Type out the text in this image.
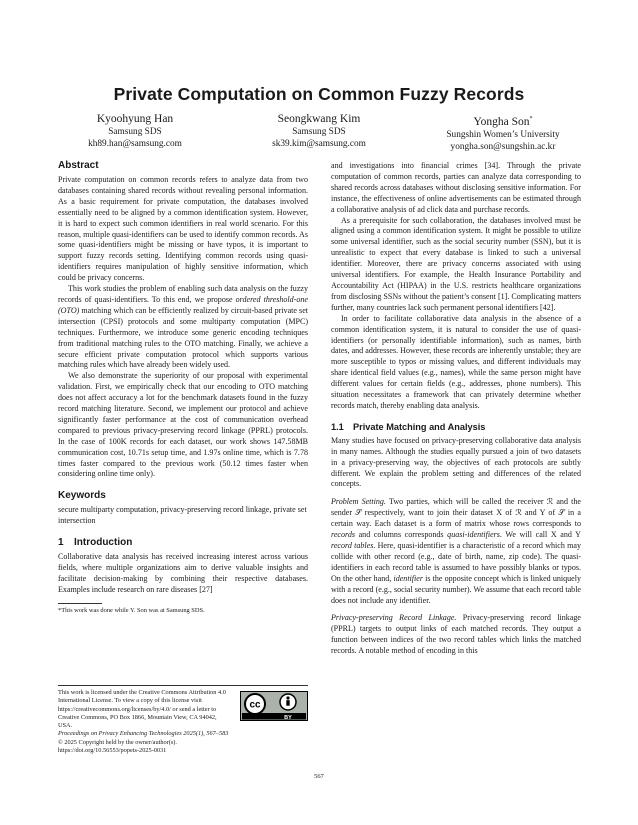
Private Computation on Common Fuzzy Records
Kyoohyung Han
Samsung SDS
kh89.han@samsung.com
Seongkwang Kim
Samsung SDS
sk39.kim@samsung.com
Yongha Son*
Sungshin Women’s University
yongha.son@sungshin.ac.kr
Abstract

Private computation on common records refers to analyze data from two databases containing shared records without revealing personal information. As a basic requirement for private computation, the databases involved essentially need to be aligned by a common identification system. However, it is hard to expect such common identifiers in real world scenario. For this reason, multiple quasi-identifiers can be used to identify common records. As some quasi-identifiers might be missing or have typos, it is important to support fuzzy records setting. Identifying common records using quasi-identifiers requires manipulation of highly sensitive information, which could be privacy concerns.

This work studies the problem of enabling such data analysis on the fuzzy records of quasi-identifiers. To this end, we propose ordered threshold-one (OTO) matching which can be efficiently realized by circuit-based private set intersection (CPSI) protocols and some multiparty computation (MPC) techniques. Furthermore, we introduce some generic encoding techniques from traditional matching rules to the OTO matching. Finally, we achieve a secure efficient private computation protocol which supports various matching rules which have already been widely used.

We also demonstrate the superiority of our proposal with experimental validation. First, we empirically check that our encoding to OTO matching does not affect accuracy a lot for the benchmark datasets found in the fuzzy record matching literature. Second, we implement our protocol and achieve significantly faster performance at the cost of communication overhead compared to previous privacy-preserving record linkage (PPRL) protocols. In the case of 100K records for each dataset, our work shows 147.58MB communication cost, 10.71s setup time, and 1.97s online time, which is 7.78 times faster compared to the previous work (50.12 times faster when considering online time only).

Keywords

secure multiparty computation, privacy-preserving record linkage, private set intersection

1 Introduction

Collaborative data analysis has received increasing interest across various fields, where multiple organizations aim to derive valuable insights and facilitate decision-making by combining their respective databases. Examples include research on rare diseases [27]

*This work was done while Y. Son was at Samsung SDS.
This work is licensed under the Creative Commons Attribution 4.0 International License. To view a copy of this license visit https://creativecommons.org/licenses/by/4.0/ or send a letter to Creative Commons, PO Box 1866, Mountain View, CA 94042, USA.
cc
BY
Proceedings on Privacy Enhancing Technologies 2025(1), 567–583
© 2025 Copyright held by the owner/author(s).
https://doi.org/10.56553/popets-2025-0031

and investigations into financial crimes [34]. Through the private computation of common records, parties can analyze data corresponding to shared records across databases without disclosing sensitive information. For instance, the effectiveness of online advertisements can be estimated through a collaborative analysis of ad click data and purchase records.

As a prerequisite for such collaboration, the databases involved must be aligned using a common identification system. It might be possible to utilize some universal identifier, such as the social security number (SSN), but it is unrealistic to expect that every database is linked to such a universal identifier. Moreover, there are privacy concerns associated with using universal identifiers. For example, the Health Insurance Portability and Accountability Act (HIPAA) in the U.S. restricts healthcare organizations from disclosing SSNs without the patient’s consent [1]. Complicating matters further, many countries lack such permanent personal identifiers [42].

In order to facilitate collaborative data analysis in the absence of a common identification system, it is natural to consider the use of quasi-identifiers (or personally identifiable information), such as names, birth dates, and addresses. However, these records are inherently unstable; they are more susceptible to typos or missing values, and different individuals may share identical field values (e.g., names), while the same person might have different values for certain fields (e.g., addresses, phone numbers). This situation necessitates a framework that can privately determine whether records match, thereby enabling data analysis.

1.1 Private Matching and Analysis

Many studies have focused on privacy-preserving collaborative data analysis in many names. Although the studies equally pursued a join of two datasets in a privacy-preserving way, the objectives of each protocols are subtly different. We explain the problem setting and differences of the related concepts.

Problem Setting. Two parties, which will be called the receiver ℛ and the sender 𝒮 respectively, want to join their dataset X of ℛ and Y of 𝒮 in a certain way. Each dataset is a form of matrix whose rows corresponds to records and columns corresponds quasi-identifiers. We will call X and Y record tables. Here, quasi-identifier is a characteristic of a record which may collide with other record (e.g., date of birth, name, zip code). The quasi-identifiers in each record table is assumed to have possibly blanks or typos. On the other hand, identifier is the opposite concept which is linked uniquely with a record (e.g., social security number). We assume that each record table does not include any identifier.

Privacy-preserving Record Linkage. Privacy-preserving record linkage (PPRL) targets to output links of each matched records. They output a function between indices of the two record tables which links the matched records. A notable method of encoding in this

567
